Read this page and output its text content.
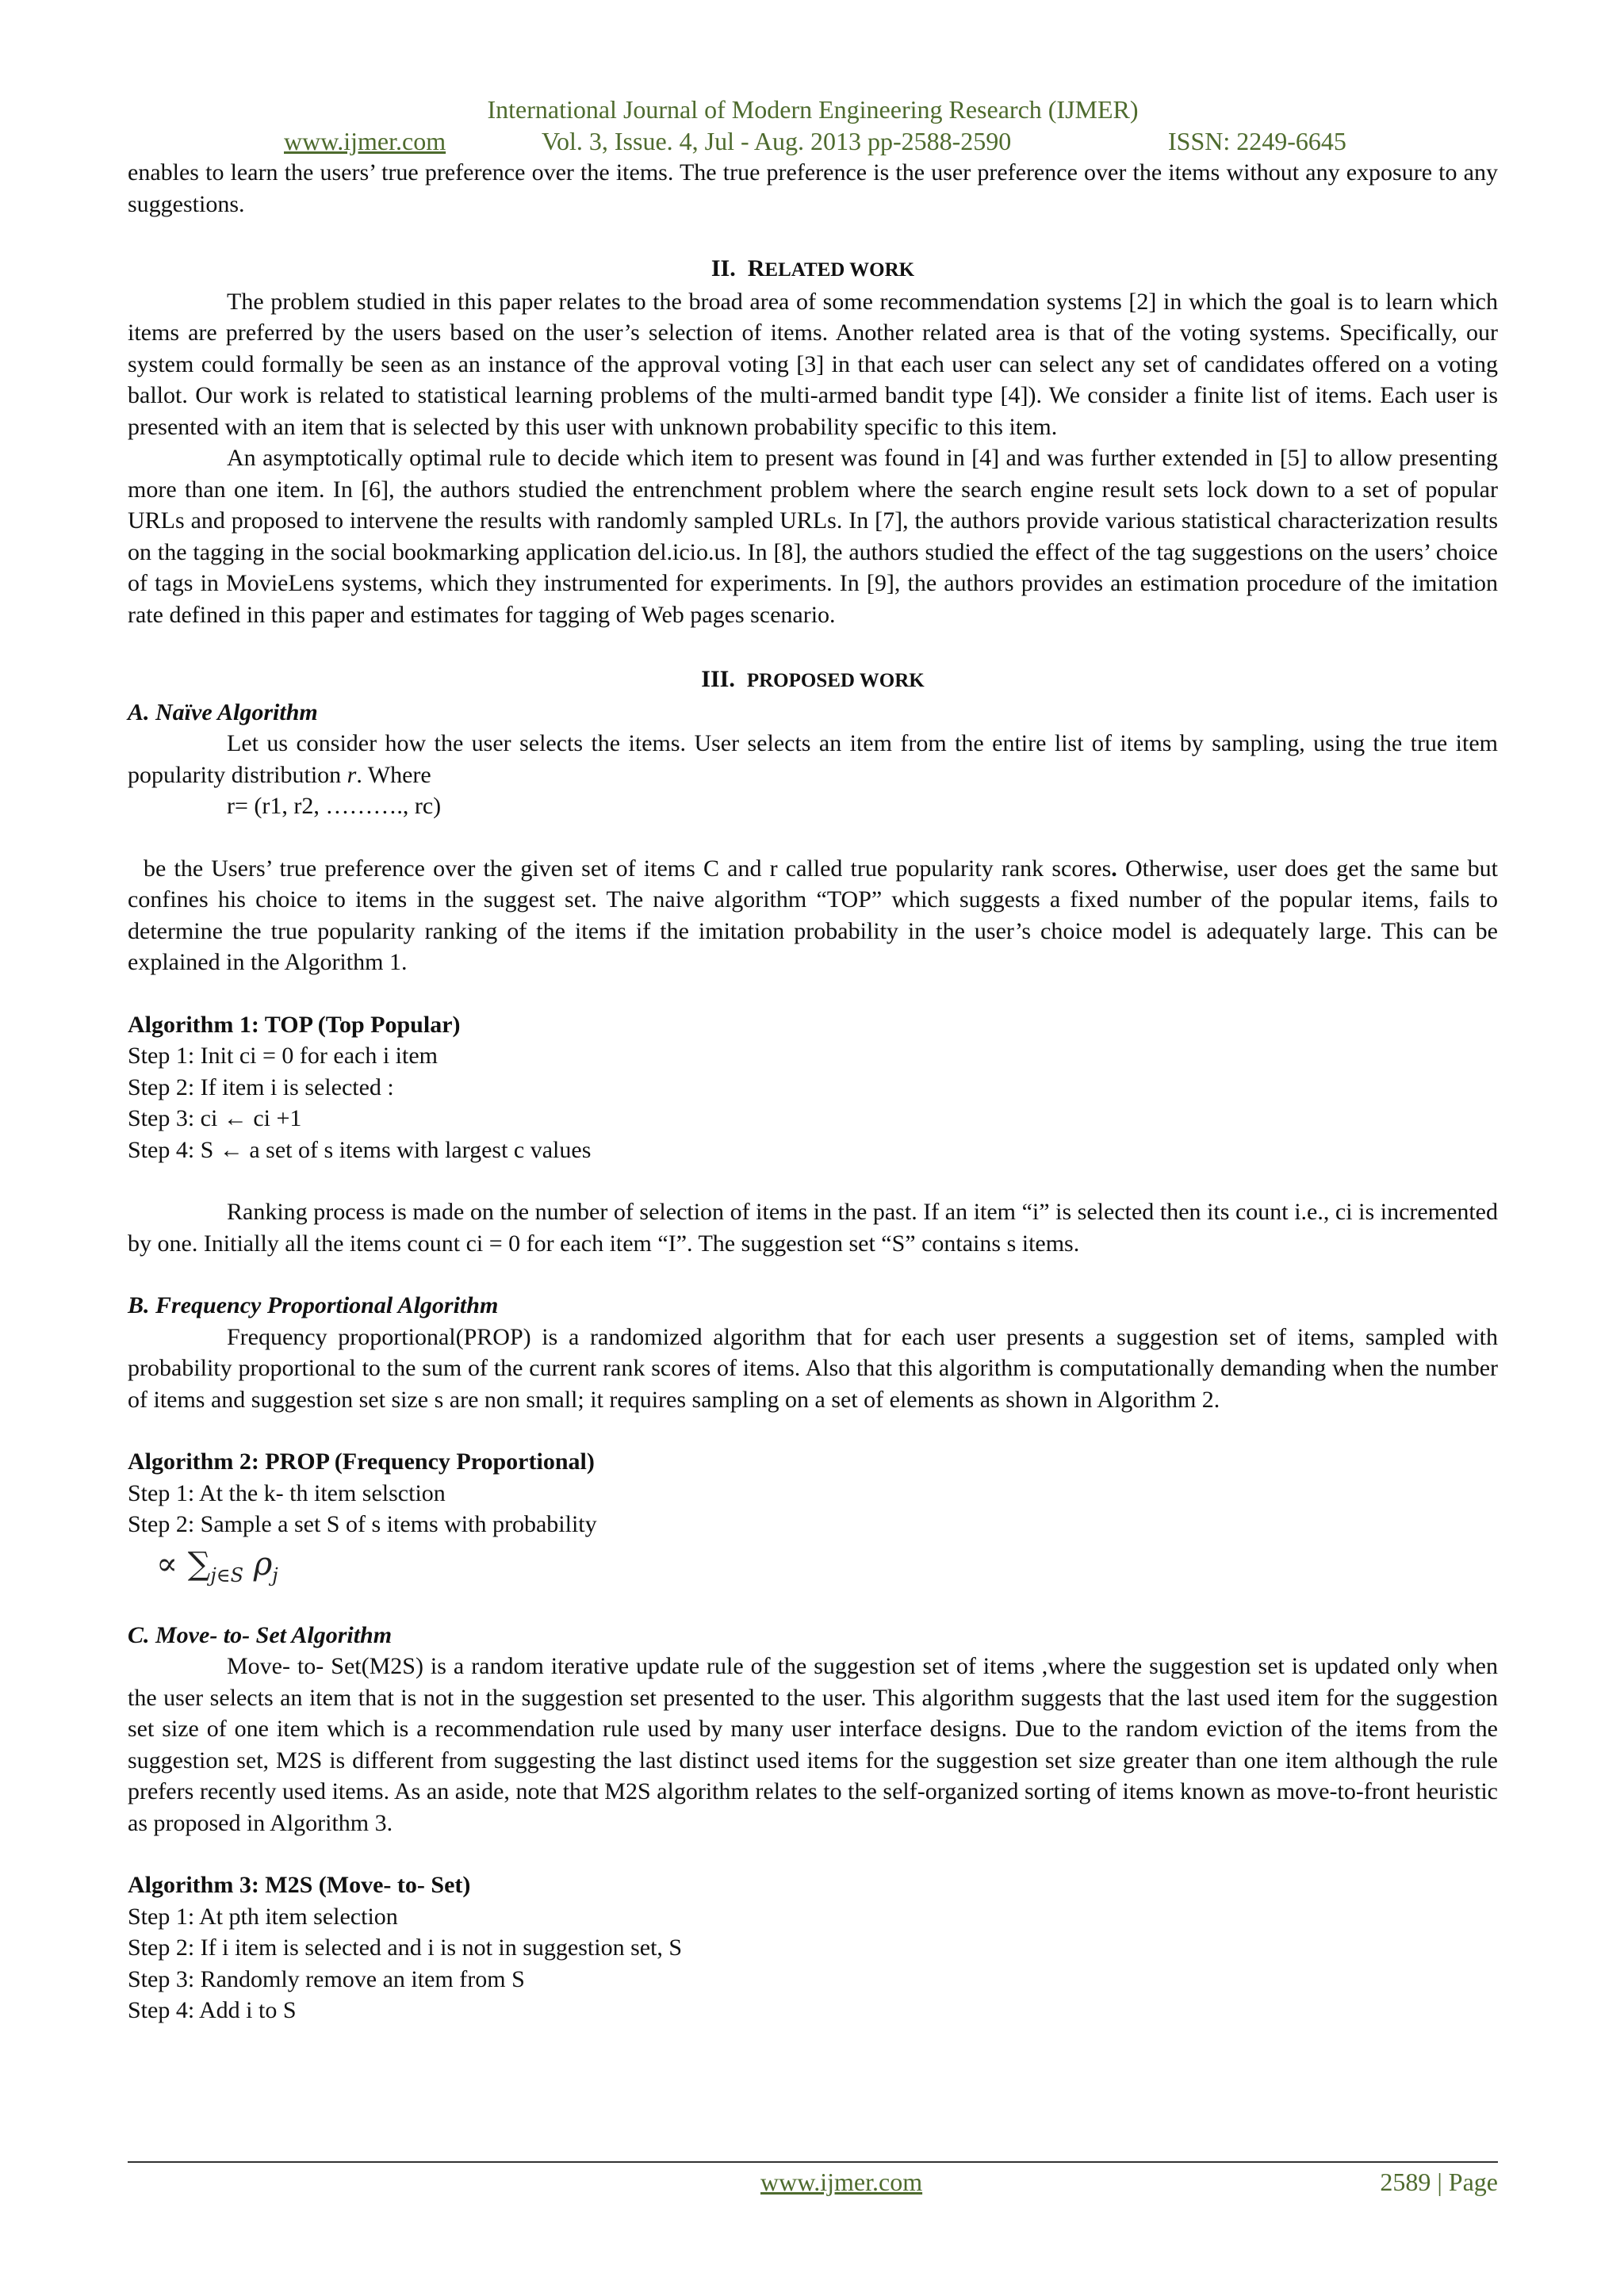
International Journal of Modern Engineering Research (IJMER)
www.ijmer.com	Vol. 3, Issue. 4, Jul - Aug. 2013 pp-2588-2590	ISSN: 2249-6645

enables to learn the users’ true preference over the items. The true preference is the user preference over the items without any exposure to any suggestions.

II. RELATED WORK

The problem studied in this paper relates to the broad area of some recommendation systems [2] in which the goal is to learn which items are preferred by the users based on the user’s selection of items. Another related area is that of the voting systems. Specifically, our system could formally be seen as an instance of the approval voting [3] in that each user can select any set of candidates offered on a voting ballot. Our work is related to statistical learning problems of the multi-armed bandit type [4]). We consider a finite list of items. Each user is presented with an item that is selected by this user with unknown probability specific to this item.

An asymptotically optimal rule to decide which item to present was found in [4] and was further extended in [5] to allow presenting more than one item. In [6], the authors studied the entrenchment problem where the search engine result sets lock down to a set of popular URLs and proposed to intervene the results with randomly sampled URLs. In [7], the authors provide various statistical characterization results on the tagging in the social bookmarking application del.icio.us. In [8], the authors studied the effect of the tag suggestions on the users’ choice of tags in MovieLens systems, which they instrumented for experiments. In [9], the authors provides an estimation procedure of the imitation rate defined in this paper and estimates for tagging of Web pages scenario.

III. PROPOSED WORK
A. Naïve Algorithm

Let us consider how the user selects the items. User selects an item from the entire list of items by sampling, using the true item popularity distribution r. Where

r= (r1, r2, ………., rc)

be the Users’ true preference over the given set of items C and r called true popularity rank scores. Otherwise, user does get the same but confines his choice to items in the suggest set. The naive algorithm “TOP” which suggests a fixed number of the popular items, fails to determine the true popularity ranking of the items if the imitation probability in the user’s choice model is adequately large. This can be explained in the Algorithm 1.

Algorithm 1: TOP (Top Popular)
Step 1: Init ci = 0 for each i item
Step 2: If item i is selected :
Step 3: ci ← ci +1
Step 4: S ← a set of s items with largest c values

Ranking process is made on the number of selection of items in the past. If an item “i” is selected then its count i.e., ci is incremented by one. Initially all the items count ci = 0 for each item “I”. The suggestion set “S” contains s items.

B. Frequency Proportional Algorithm

Frequency proportional(PROP) is a randomized algorithm that for each user presents a suggestion set of items, sampled with probability proportional to the sum of the current rank scores of items. Also that this algorithm is computationally demanding when the number of items and suggestion set size s are non small; it requires sampling on a set of elements as shown in Algorithm 2.

Algorithm 2: PROP (Frequency Proportional)
Step 1: At the k- th item selsction
Step 2: Sample a set S of s items with probability
∝ $\sum_{j\in S}$ $\rho_j$
C. Move- to- Set Algorithm

Move- to- Set(M2S) is a random iterative update rule of the suggestion set of items ,where the suggestion set is updated only when the user selects an item that is not in the suggestion set presented to the user. This algorithm suggests that the last used item for the suggestion set size of one item which is a recommendation rule used by many user interface designs. Due to the random eviction of the items from the suggestion set, M2S is different from suggesting the last distinct used items for the suggestion set size greater than one item although the rule prefers recently used items. As an aside, note that M2S algorithm relates to the self-organized sorting of items known as move-to-front heuristic as proposed in Algorithm 3.

Algorithm 3: M2S (Move- to- Set)
Step 1: At pth item selection
Step 2: If i item is selected and i is not in suggestion set, S
Step 3: Randomly remove an item from S
Step 4: Add i to S
www.ijmer.com	2589 | Page
